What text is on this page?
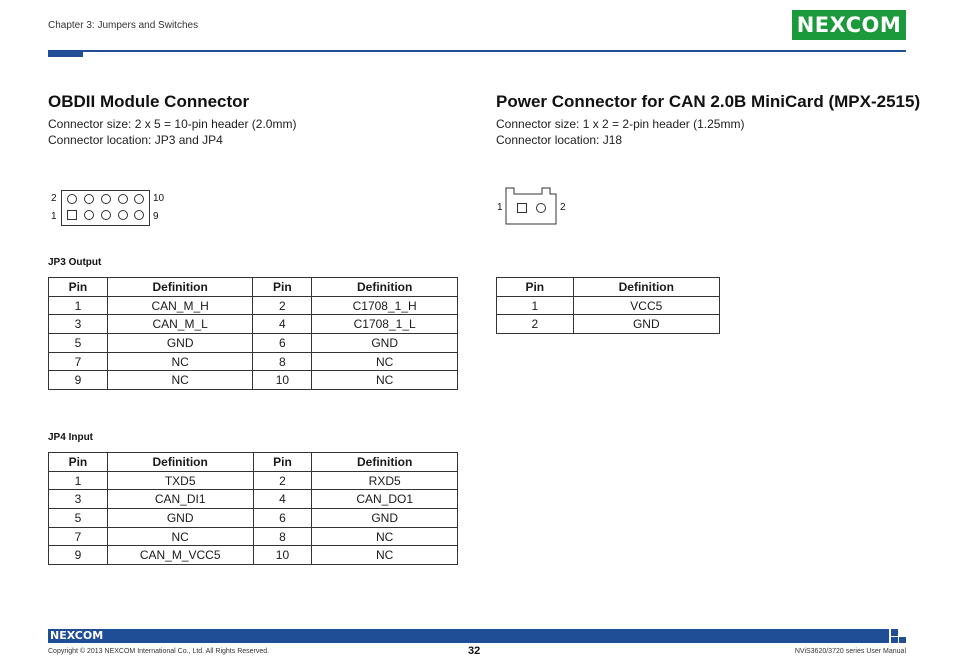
Chapter 3: Jumpers and Switches	NEXCOM
OBDII Module Connector
Connector size: 2 x 5 = 10-pin header (2.0mm)
Connector location: JP3 and JP4
2
1
10
9
JP3 Output
Pin	Definition	Pin	Definition
1	CAN_M_H	2	C1708_1_H
3	CAN_M_L	4	C1708_1_L
5	GND	6	GND
7	NC	8	NC
9	NC	10	NC
JP4 Input
Pin	Definition	Pin	Definition
1	TXD5	2	RXD5
3	CAN_DI1	4	CAN_DO1
5	GND	6	GND
7	NC	8	NC
9	CAN_M_VCC5	10	NC
Power Connector for CAN 2.0B MiniCard (MPX-2515)
Connector size: 1 x 2 = 2-pin header (1.25mm)
Connector location: J18
1	2
Pin	Definition
1	VCC5
2	GND
NEXCOM
Copyright © 2013 NEXCOM International Co., Ltd. All Rights Reserved.	32	NViS3620/3720 series User Manual
